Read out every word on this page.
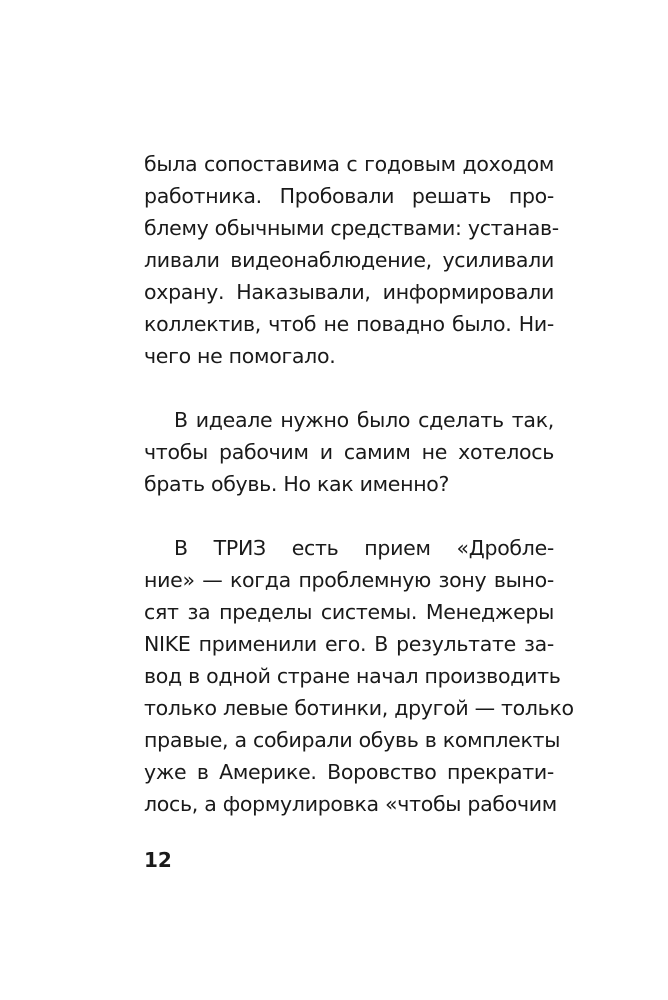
была сопоставима с годовым доходом
работника. Пробовали решать про-
блему обычными средствами: устанав-
ливали видеонаблюдение, усиливали
охрану. Наказывали, информировали
коллектив, чтоб не повадно было. Ни-
чего не помогало.
В идеале нужно было сделать так,
чтобы рабочим и самим не хотелось
брать обувь. Но как именно?
В ТРИЗ есть прием «Дробле-
ние» — когда проблемную зону выно-
сят за пределы системы. Менеджеры
NIKE применили его. В результате за-
вод в одной стране начал производить
только левые ботинки, другой — только
правые, а собирали обувь в комплекты
уже в Америке. Воровство прекрати-
лось, а формулировка «чтобы рабочим
12
